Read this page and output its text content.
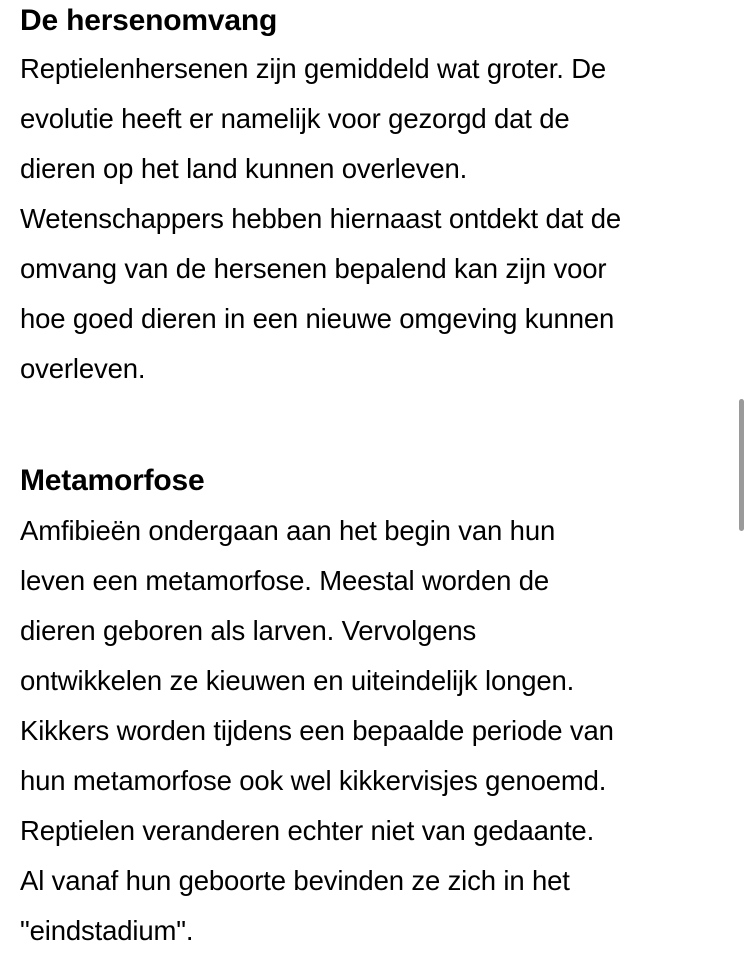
De hersenomvang

Reptielenhersenen zijn gemiddeld wat groter. De
evolutie heeft er namelijk voor gezorgd dat de
dieren op het land kunnen overleven.
Wetenschappers hebben hiernaast ontdekt dat de
omvang van de hersenen bepalend kan zijn voor
hoe goed dieren in een nieuwe omgeving kunnen
overleven.

Metamorfose

Amfibieën ondergaan aan het begin van hun
leven een metamorfose. Meestal worden de
dieren geboren als larven. Vervolgens
ontwikkelen ze kieuwen en uiteindelijk longen.
Kikkers worden tijdens een bepaalde periode van
hun metamorfose ook wel kikkervisjes genoemd.
Reptielen veranderen echter niet van gedaante.
Al vanaf hun geboorte bevinden ze zich in het
"eindstadium".
